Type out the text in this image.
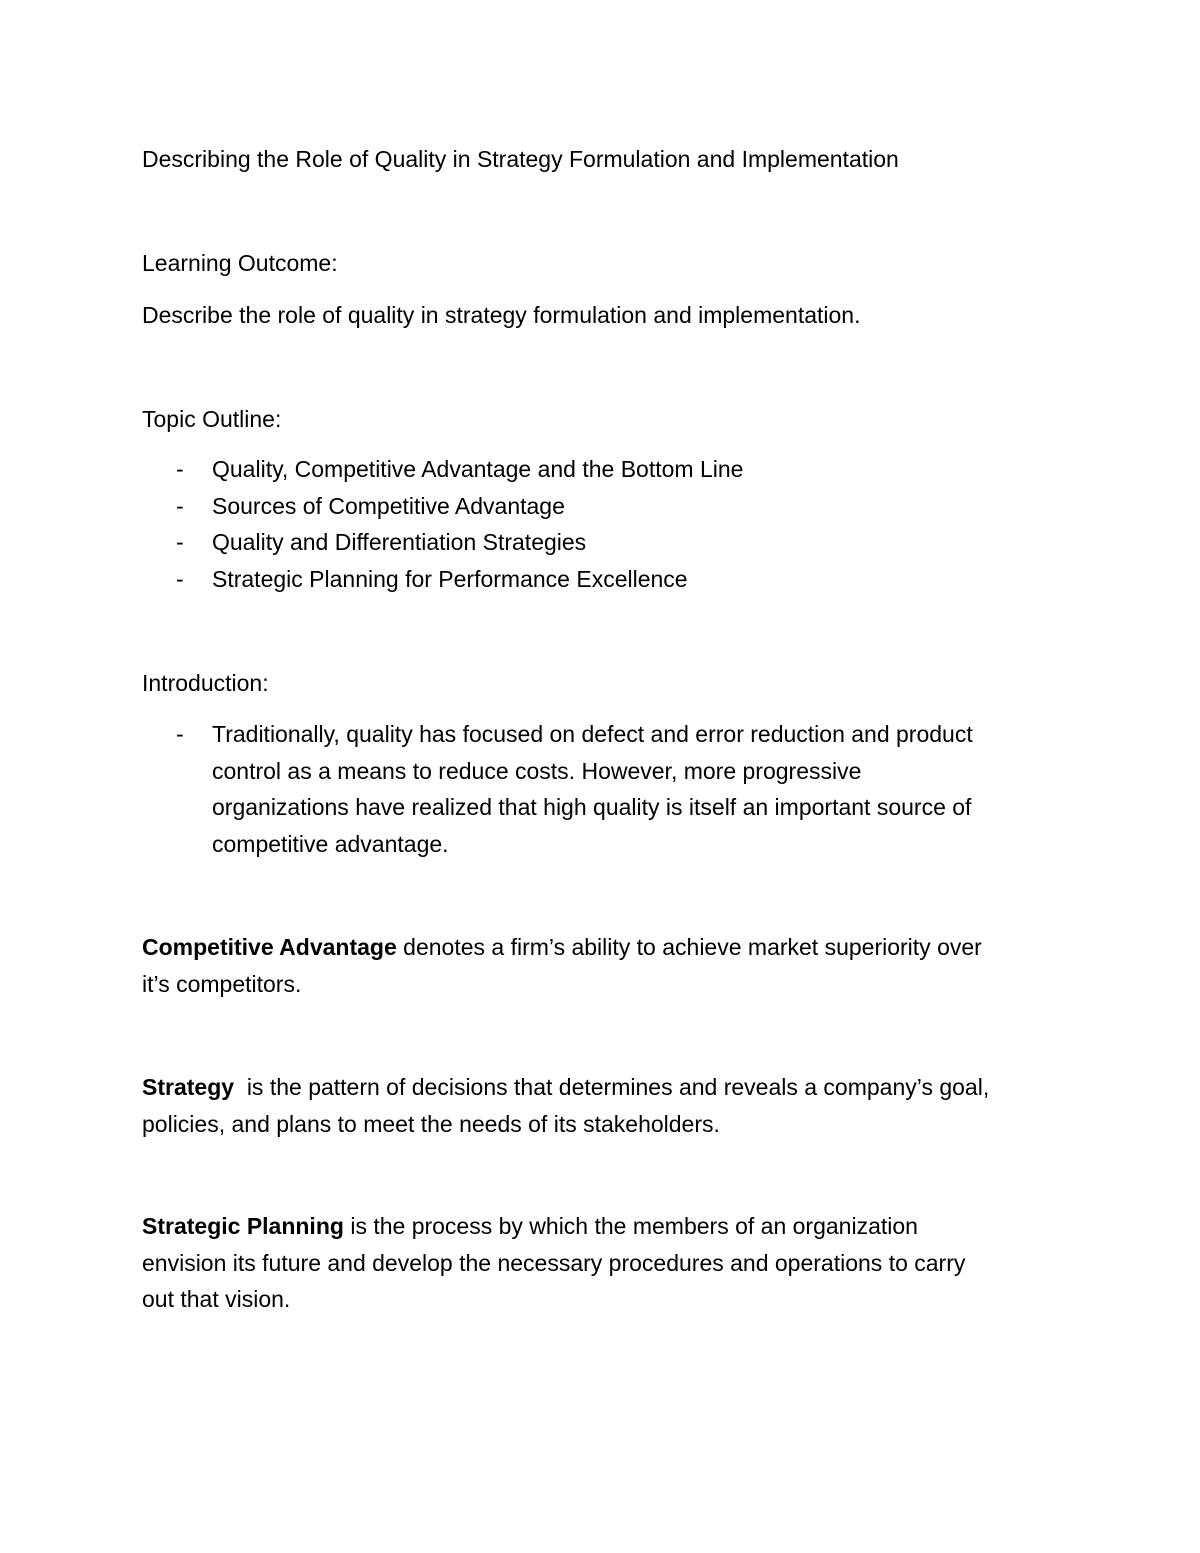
Describing the Role of Quality in Strategy Formulation and Implementation
Learning Outcome:
Describe the role of quality in strategy formulation and implementation.
Topic Outline:
- Quality, Competitive Advantage and the Bottom Line
- Sources of Competitive Advantage
- Quality and Differentiation Strategies
- Strategic Planning for Performance Excellence
Introduction:
- Traditionally, quality has focused on defect and error reduction and product
control as a means to reduce costs. However, more progressive
organizations have realized that high quality is itself an important source of
competitive advantage.
Competitive Advantage denotes a firm’s ability to achieve market superiority over
it’s competitors.
Strategy  is the pattern of decisions that determines and reveals a company’s goal,
policies, and plans to meet the needs of its stakeholders.
Strategic Planning is the process by which the members of an organization
envision its future and develop the necessary procedures and operations to carry
out that vision.
